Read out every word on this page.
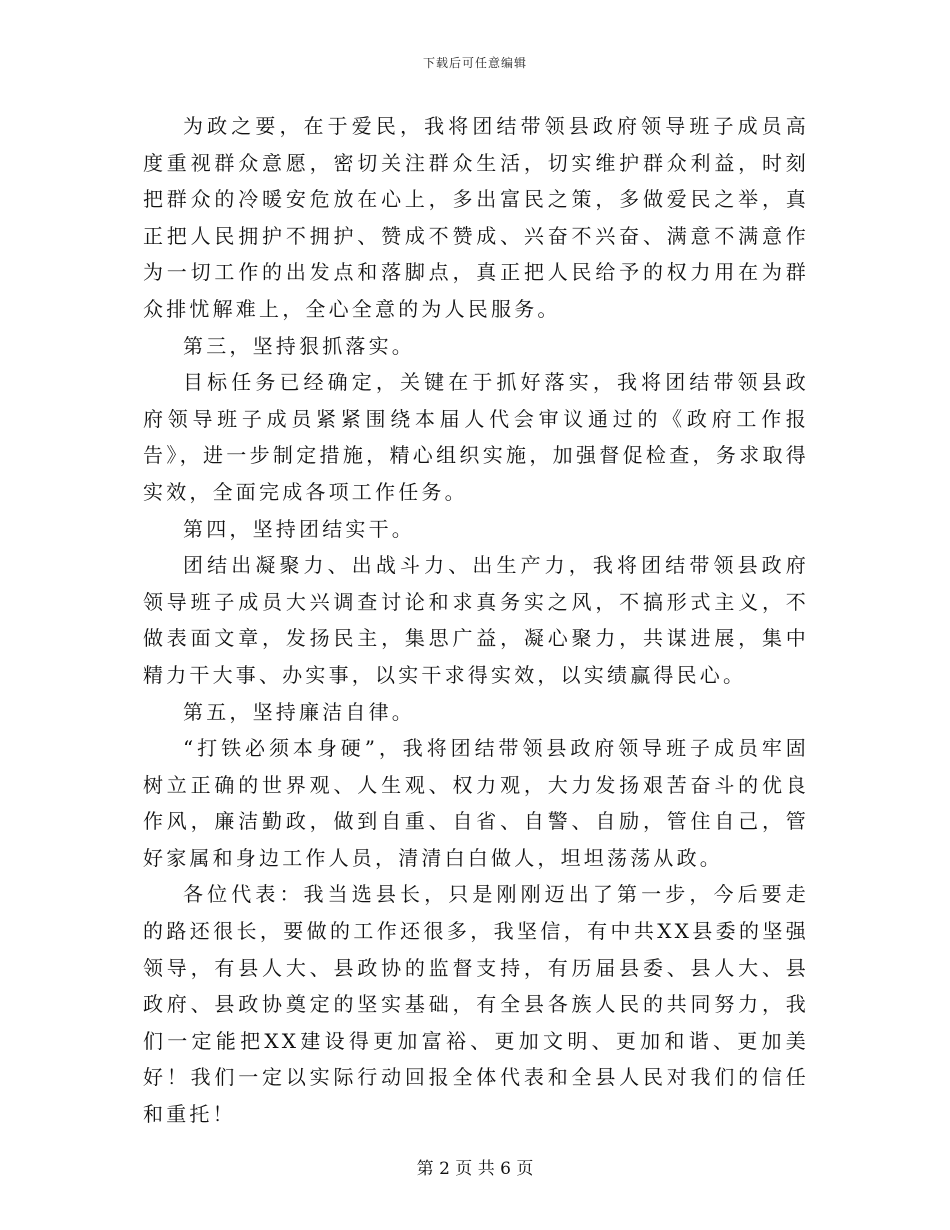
下载后可任意编辑

为政之要，在于爱民，我将团结带领县政府领导班子成员高度重视群众意愿，密切关注群众生活，切实维护群众利益，时刻把群众的冷暖安危放在心上，多出富民之策，多做爱民之举，真正把人民拥护不拥护、赞成不赞成、兴奋不兴奋、满意不满意作为一切工作的出发点和落脚点，真正把人民给予的权力用在为群众排忧解难上，全心全意的为人民服务。

第三，坚持狠抓落实。

目标任务已经确定，关键在于抓好落实，我将团结带领县政府领导班子成员紧紧围绕本届人代会审议通过的《政府工作报告》，进一步制定措施，精心组织实施，加强督促检查，务求取得实效，全面完成各项工作任务。

第四，坚持团结实干。

团结出凝聚力、出战斗力、出生产力，我将团结带领县政府领导班子成员大兴调查讨论和求真务实之风，不搞形式主义，不做表面文章，发扬民主，集思广益，凝心聚力，共谋进展，集中精力干大事、办实事，以实干求得实效，以实绩赢得民心。

第五，坚持廉洁自律。

“打铁必须本身硬”，我将团结带领县政府领导班子成员牢固树立正确的世界观、人生观、权力观，大力发扬艰苦奋斗的优良作风，廉洁勤政，做到自重、自省、自警、自励，管住自己，管好家属和身边工作人员，清清白白做人，坦坦荡荡从政。

各位代表：我当选县长，只是刚刚迈出了第一步，今后要走的路还很长，要做的工作还很多，我坚信，有中共XX县委的坚强领导，有县人大、县政协的监督支持，有历届县委、县人大、县政府、县政协奠定的坚实基础，有全县各族人民的共同努力，我们一定能把XX建设得更加富裕、更加文明、更加和谐、更加美好！我们一定以实际行动回报全体代表和全县人民对我们的信任和重托！

第 2 页 共 6 页
